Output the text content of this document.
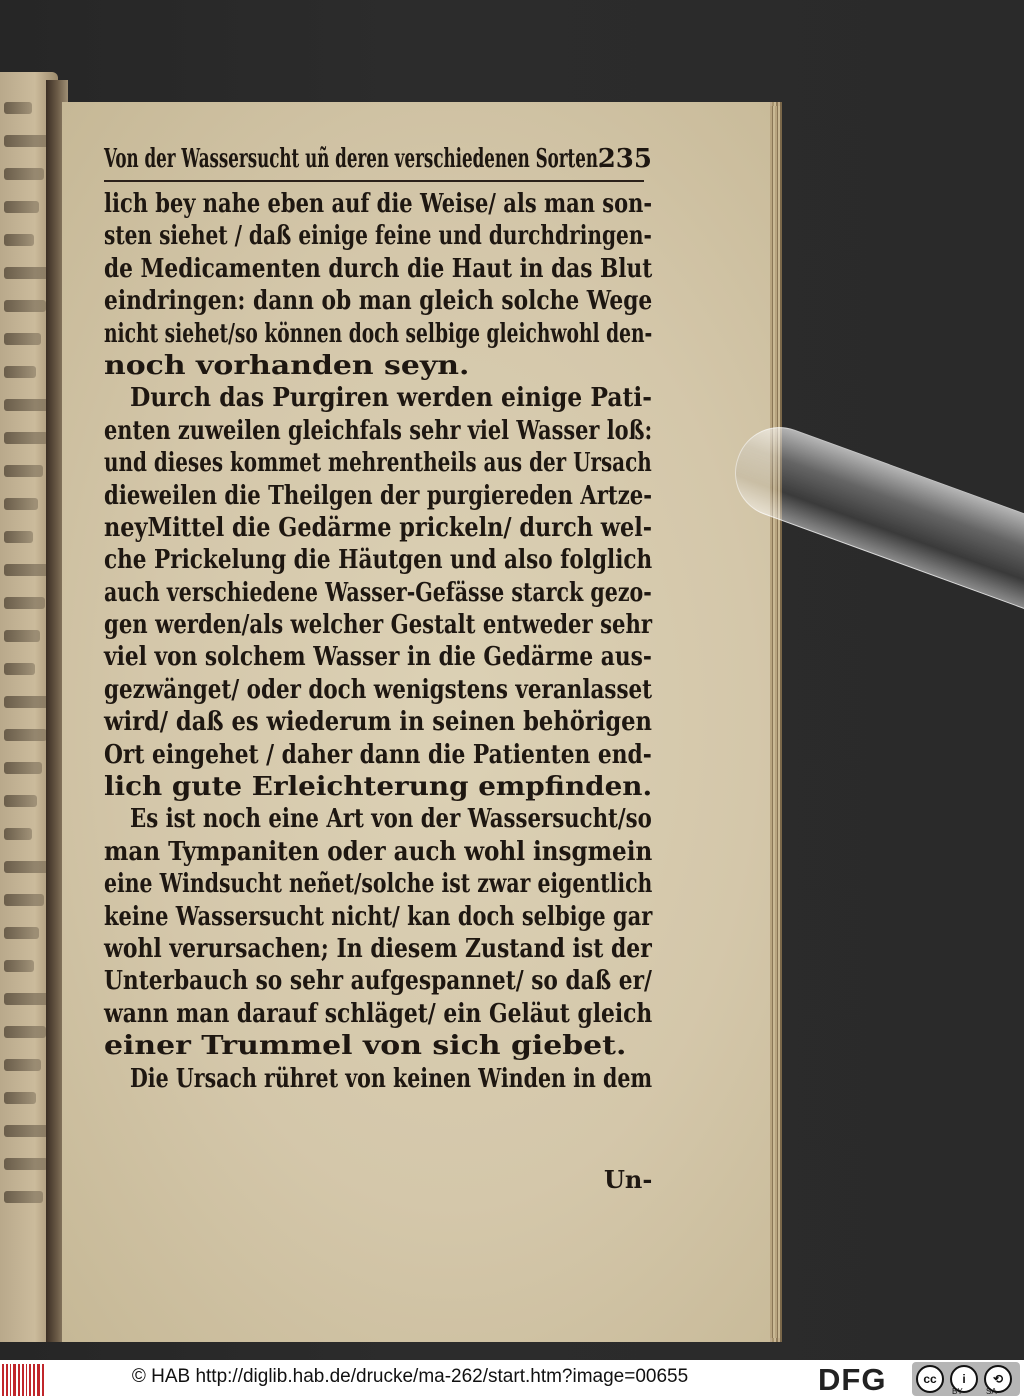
Von der Wassersucht uñ deren verschiedenen Sorten.
235
lich bey nahe eben auf die Weise/ als man son-
sten siehet / daß einige feine und durchdringen-
de Medicamenten durch die Haut in das Blut
eindringen: dann ob man gleich solche Wege
nicht siehet/so können doch selbige gleichwohl den-
noch vorhanden seyn.
Durch das Purgiren werden einige Pati-
enten zuweilen gleichfals sehr viel Wasser loß:
und dieses kommet mehrentheils aus der Ursach
dieweilen die Theilgen der purgiereden Artze-
neyMittel die Gedärme prickeln/ durch wel-
che Prickelung die Häutgen und also folglich
auch verschiedene Wasser-Gefässe starck gezo-
gen werden/als welcher Gestalt entweder sehr
viel von solchem Wasser in die Gedärme aus-
gezwänget/ oder doch wenigstens veranlasset
wird/ daß es wiederum in seinen behörigen
Ort eingehet / daher dann die Patienten end-
lich gute Erleichterung empfinden.
Es ist noch eine Art von der Wassersucht/so
man Tympaniten oder auch wohl insgmein
eine Windsucht neñet/solche ist zwar eigentlich
keine Wassersucht nicht/ kan doch selbige gar
wohl verursachen; In diesem Zustand ist der
Unterbauch so sehr aufgespannet/ so daß er/
wann man darauf schläget/ ein Geläut gleich
einer Trummel von sich giebet.
Die Ursach rühret von keinen Winden in dem
Un-
© HAB http://diglib.hab.de/drucke/ma-262/start.htm?image=00655	DFG	cc	i	⟲
BY	SA
